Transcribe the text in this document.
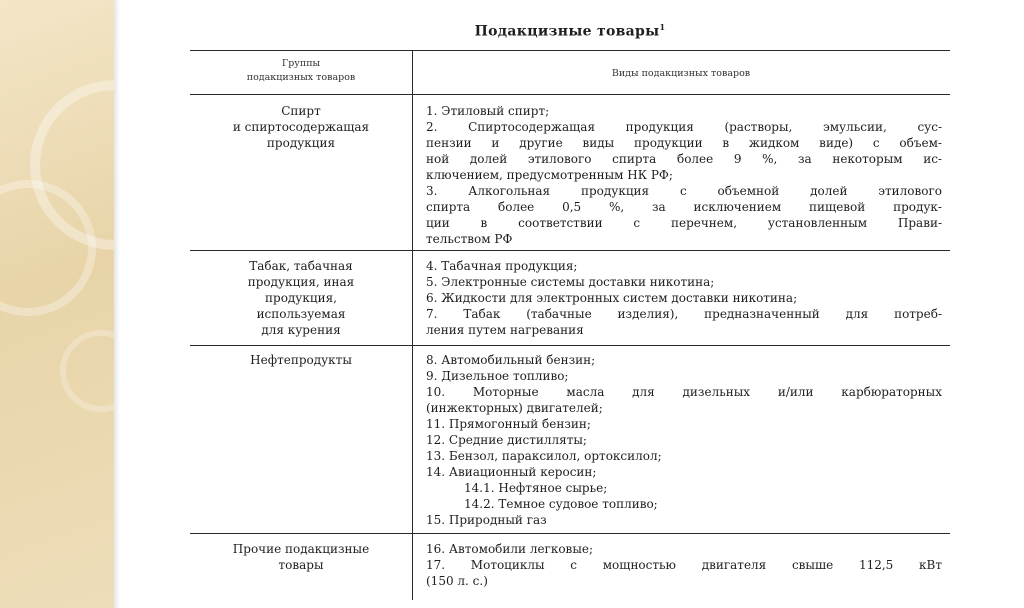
Подакцизные товары$^1$
Группы
подакцизных товаров	Виды подакцизных товаров
Спирт
и спиртосодержащая
продукция
1. Этиловый спирт;
2. Спиртосодержащая продукция (растворы, эмульсии, сус-
пензии и другие виды продукции в жидком виде) с объем-
ной долей этилового спирта более 9 %, за некоторым ис-
ключением, предусмотренным НК РФ;
3. Алкогольная продукция с объемной долей этилового
спирта более 0,5 %, за исключением пищевой продук-
ции в соответствии с перечнем, установленным Прави-
тельством РФ
Табак, табачная
продукция, иная
продукция,
используемая
для курения
4. Табачная продукция;
5. Электронные системы доставки никотина;
6. Жидкости для электронных систем доставки никотина;
7. Табак (табачные изделия), предназначенный для потреб-
ления путем нагревания
Нефтепродукты	8. Автомобильный бензин;
9. Дизельное топливо;
10. Моторные масла для дизельных и/или карбюраторных
(инжекторных) двигателей;
11. Прямогонный бензин;
12. Средние дистилляты;
13. Бензол, параксилол, ортоксилол;
14. Авиационный керосин;
14.1. Нефтяное сырье;
14.2. Темное судовое топливо;
15. Природный газ
Прочие подакцизные
товары
16. Автомобили легковые;
17. Мотоциклы с мощностью двигателя свыше 112,5 кВт
(150 л. с.)
